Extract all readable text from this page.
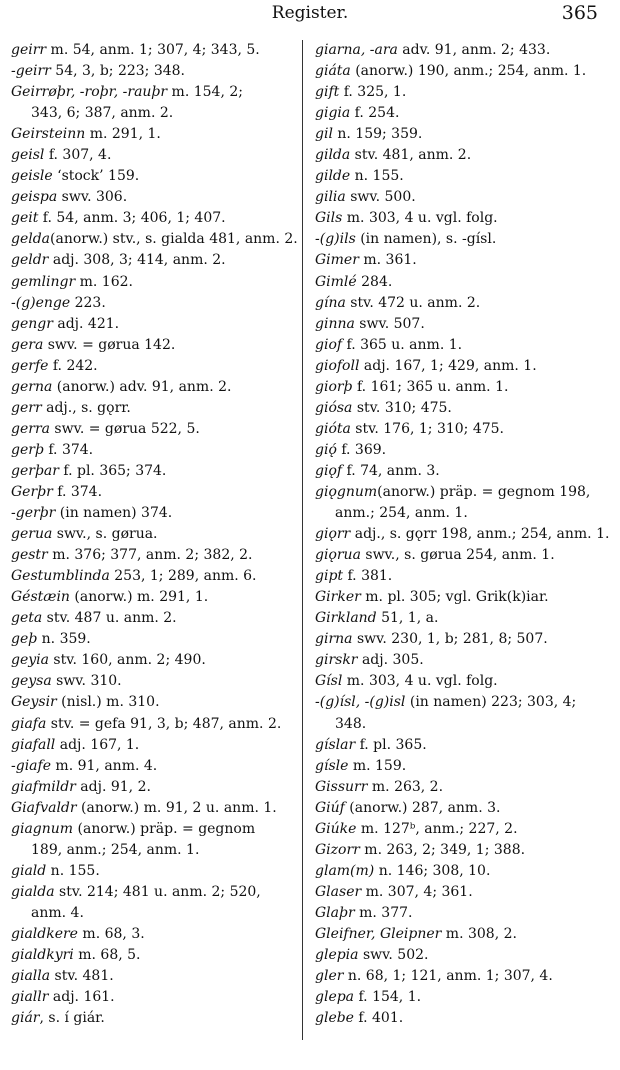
Register.	365
geirr m. 54, anm. 1; 307, 4; 343, 5.
-geirr 54, 3, b; 223; 348.
Geirrøþr, -roþr, -rauþr m. 154, 2;
343, 6; 387, anm. 2.
Geirsteinn m. 291, 1.
geisl f. 307, 4.
geisle ‘stock’ 159.
geispa swv. 306.
geit f. 54, anm. 3; 406, 1; 407.
gelda(anorw.) stv., s. gialda 481, anm. 2.
geldr adj. 308, 3; 414, anm. 2.
gemlingr m. 162.
-(g)enge 223.
gengr adj. 421.
gera swv. = gørua 142.
gerfe f. 242.
gerna (anorw.) adv. 91, anm. 2.
gerr adj., s. gǫrr.
gerra swv. = gørua 522, 5.
gerþ f. 374.
gerþar f. pl. 365; 374.
Gerþr f. 374.
-gerþr (in namen) 374.
gerua swv., s. gørua.
gestr m. 376; 377, anm. 2; 382, 2.
Gestumblinda 253, 1; 289, anm. 6.
Géstæin (anorw.) m. 291, 1.
geta stv. 487 u. anm. 2.
geþ n. 359.
geyia stv. 160, anm. 2; 490.
geysa swv. 310.
Geysir (nisl.) m. 310.
giafa stv. = gefa 91, 3, b; 487, anm. 2.
giafall adj. 167, 1.
-giafe m. 91, anm. 4.
giafmildr adj. 91, 2.
Giafvaldr (anorw.) m. 91, 2 u. anm. 1.
giagnum (anorw.) präp. = gegnom
189, anm.; 254, anm. 1.
giald n. 155.
gialda stv. 214; 481 u. anm. 2; 520,
anm. 4.
gialdkere m. 68, 3.
gialdkyri m. 68, 5.
gialla stv. 481.
giallr adj. 161.
giár, s. í giár.
giarna, -ara adv. 91, anm. 2; 433.
giáta (anorw.) 190, anm.; 254, anm. 1.
gift f. 325, 1.
gigia f. 254.
gil n. 159; 359.
gilda stv. 481, anm. 2.
gilde n. 155.
gilia swv. 500.
Gils m. 303, 4 u. vgl. folg.
-(g)ils (in namen), s. -gísl.
Gimer m. 361.
Gimlé 284.
gína stv. 472 u. anm. 2.
ginna swv. 507.
giof f. 365 u. anm. 1.
giofoll adj. 167, 1; 429, anm. 1.
giorþ f. 161; 365 u. anm. 1.
giósa stv. 310; 475.
gióta stv. 176, 1; 310; 475.
giǫ́ f. 369.
giǫf f. 74, anm. 3.
giǫgnum(anorw.) präp. = gegnom 198,
anm.; 254, anm. 1.
giǫrr adj., s. gǫrr 198, anm.; 254, anm. 1.
giǫrua swv., s. gørua 254, anm. 1.
gipt f. 381.
Girker m. pl. 305; vgl. Grik(k)iar.
Girkland 51, 1, a.
girna swv. 230, 1, b; 281, 8; 507.
girskr adj. 305.
Gísl m. 303, 4 u. vgl. folg.
-(g)ísl, -(g)isl (in namen) 223; 303, 4;
348.
gíslar f. pl. 365.
gísle m. 159.
Gissurr m. 263, 2.
Giúf (anorw.) 287, anm. 3.
Giúke m. 127ᵇ, anm.; 227, 2.
Gizorr m. 263, 2; 349, 1; 388.
glam(m) n. 146; 308, 10.
Glaser m. 307, 4; 361.
Glaþr m. 377.
Gleifner, Gleipner m. 308, 2.
glepia swv. 502.
gler n. 68, 1; 121, anm. 1; 307, 4.
glepa f. 154, 1.
glebe f. 401.
